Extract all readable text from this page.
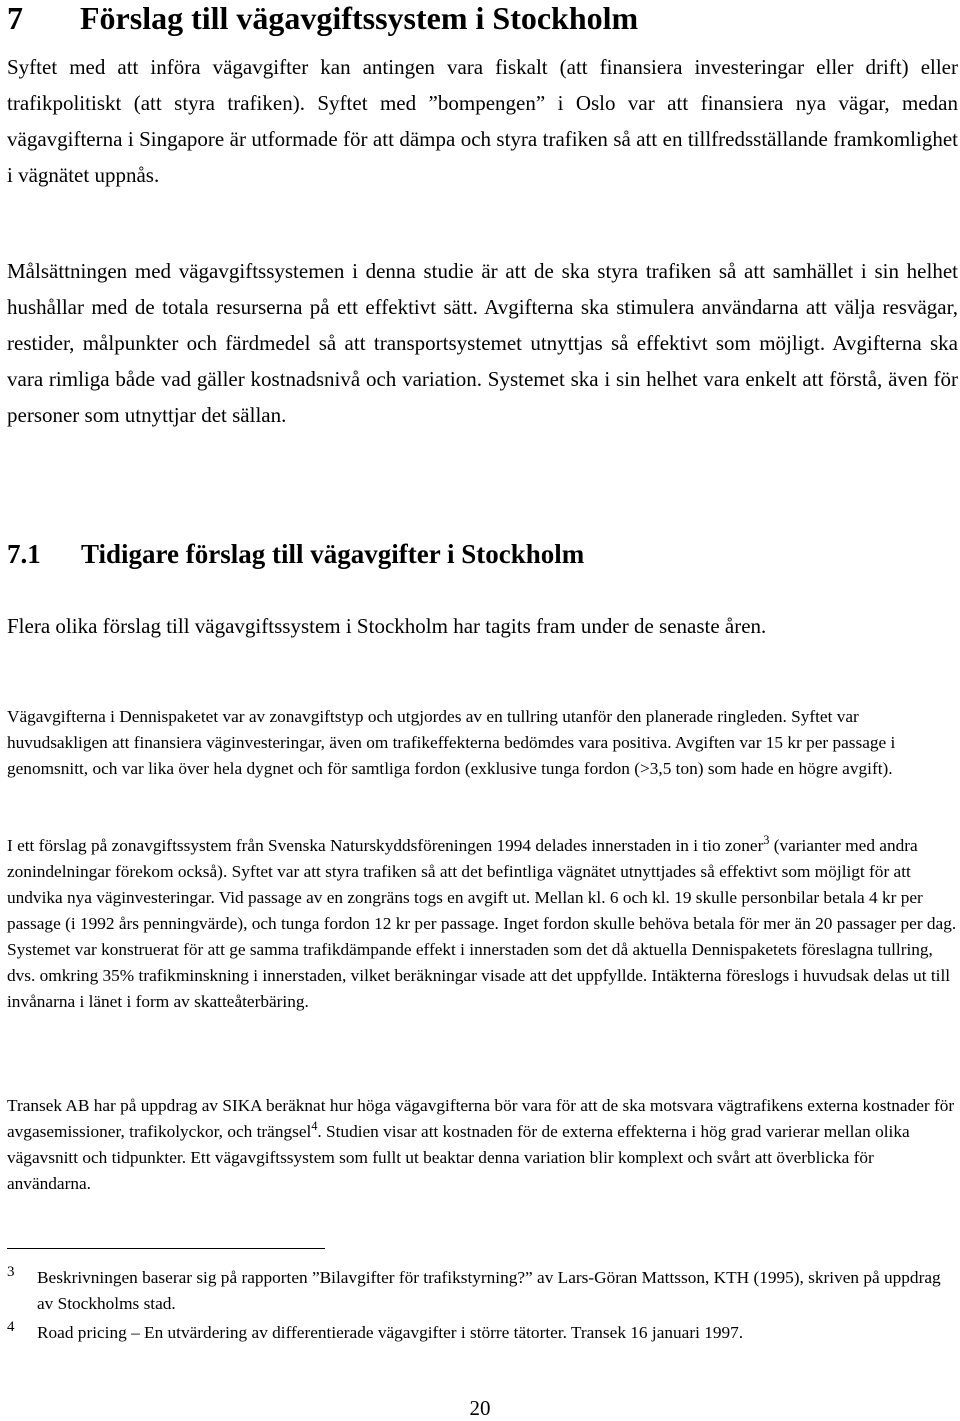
7 Förslag till vägavgiftssystem i Stockholm

Syftet med att införa vägavgifter kan antingen vara fiskalt (att finansiera investeringar eller drift) eller trafikpolitiskt (att styra trafiken). Syftet med ”bompengen” i Oslo var att finansiera nya vägar, medan vägavgifterna i Singapore är utformade för att dämpa och styra trafiken så att en tillfredsställande framkomlighet i vägnätet uppnås.

Målsättningen med vägavgiftssystemen i denna studie är att de ska styra trafiken så att samhället i sin helhet hushållar med de totala resurserna på ett effektivt sätt. Avgifterna ska stimulera användarna att välja resvägar, restider, målpunkter och färdmedel så att transportsystemet utnyttjas så effektivt som möjligt. Avgifterna ska vara rimliga både vad gäller kostnadsnivå och variation. Systemet ska i sin helhet vara enkelt att förstå, även för personer som utnyttjar det sällan.

7.1 Tidigare förslag till vägavgifter i Stockholm

Flera olika förslag till vägavgiftssystem i Stockholm har tagits fram under de senaste åren.

Vägavgifterna i Dennispaketet var av zonavgiftstyp och utgjordes av en tullring utanför den planerade ringleden. Syftet var huvudsakligen att finansiera väginvesteringar, även om trafikeffekterna bedömdes vara positiva. Avgiften var 15 kr per passage i genomsnitt, och var lika över hela dygnet och för samtliga fordon (exklusive tunga fordon (>3,5 ton) som hade en högre avgift).

I ett förslag på zonavgiftssystem från Svenska Naturskyddsföreningen 1994 delades innerstaden in i tio zoner$^3$ (varianter med andra zonindelningar förekom också). Syftet var att styra trafiken så att det befintliga vägnätet utnyttjades så effektivt som möjligt för att undvika nya väginvesteringar. Vid passage av en zongräns togs en avgift ut. Mellan kl. 6 och kl. 19 skulle personbilar betala 4 kr per passage (i 1992 års penningvärde), och tunga fordon 12 kr per passage. Inget fordon skulle behöva betala för mer än 20 passager per dag. Systemet var konstruerat för att ge samma trafikdämpande effekt i innerstaden som det då aktuella Dennispaketets föreslagna tullring, dvs. omkring 35% trafikminskning i innerstaden, vilket beräkningar visade att det uppfyllde. Intäkterna föreslogs i huvudsak delas ut till invånarna i länet i form av skatteåterbäring.

Transek AB har på uppdrag av SIKA beräknat hur höga vägavgifterna bör vara för att de ska motsvara vägtrafikens externa kostnader för avgasemissioner, trafikolyckor, och trängsel$^4$. Studien visar att kostnaden för de externa effekterna i hög grad varierar mellan olika vägavsnitt och tidpunkter. Ett vägavgiftssystem som fullt ut beaktar denna variation blir komplext och svårt att överblicka för användarna.

3 Beskrivningen baserar sig på rapporten ”Bilavgifter för trafikstyrning?” av Lars-Göran Mattsson, KTH (1995), skriven på uppdrag av Stockholms stad.
4 Road pricing – En utvärdering av differentierade vägavgifter i större tätorter. Transek 16 januari 1997.
20
